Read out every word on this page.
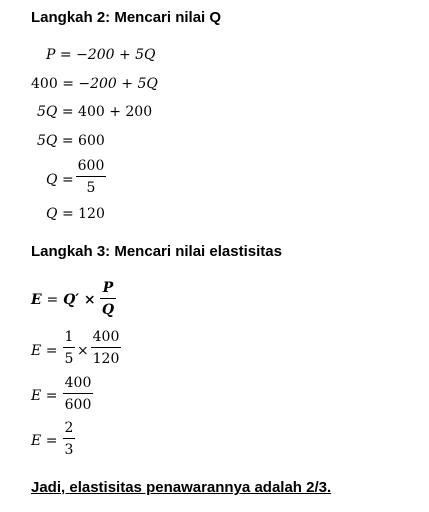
Langkah 2: Mencari nilai Q
P = −200 + 5Q
400 = −200 + 5Q
5Q = 400 + 200
5Q = 600
Q =
600
5
Q = 120
Langkah 3: Mencari nilai elastisitas
E = Q′ ×
P
Q
E =
1
5 ×
400
120
E =
400
600
E =
2
3
Jadi, elastisitas penawarannya adalah 2/3.
